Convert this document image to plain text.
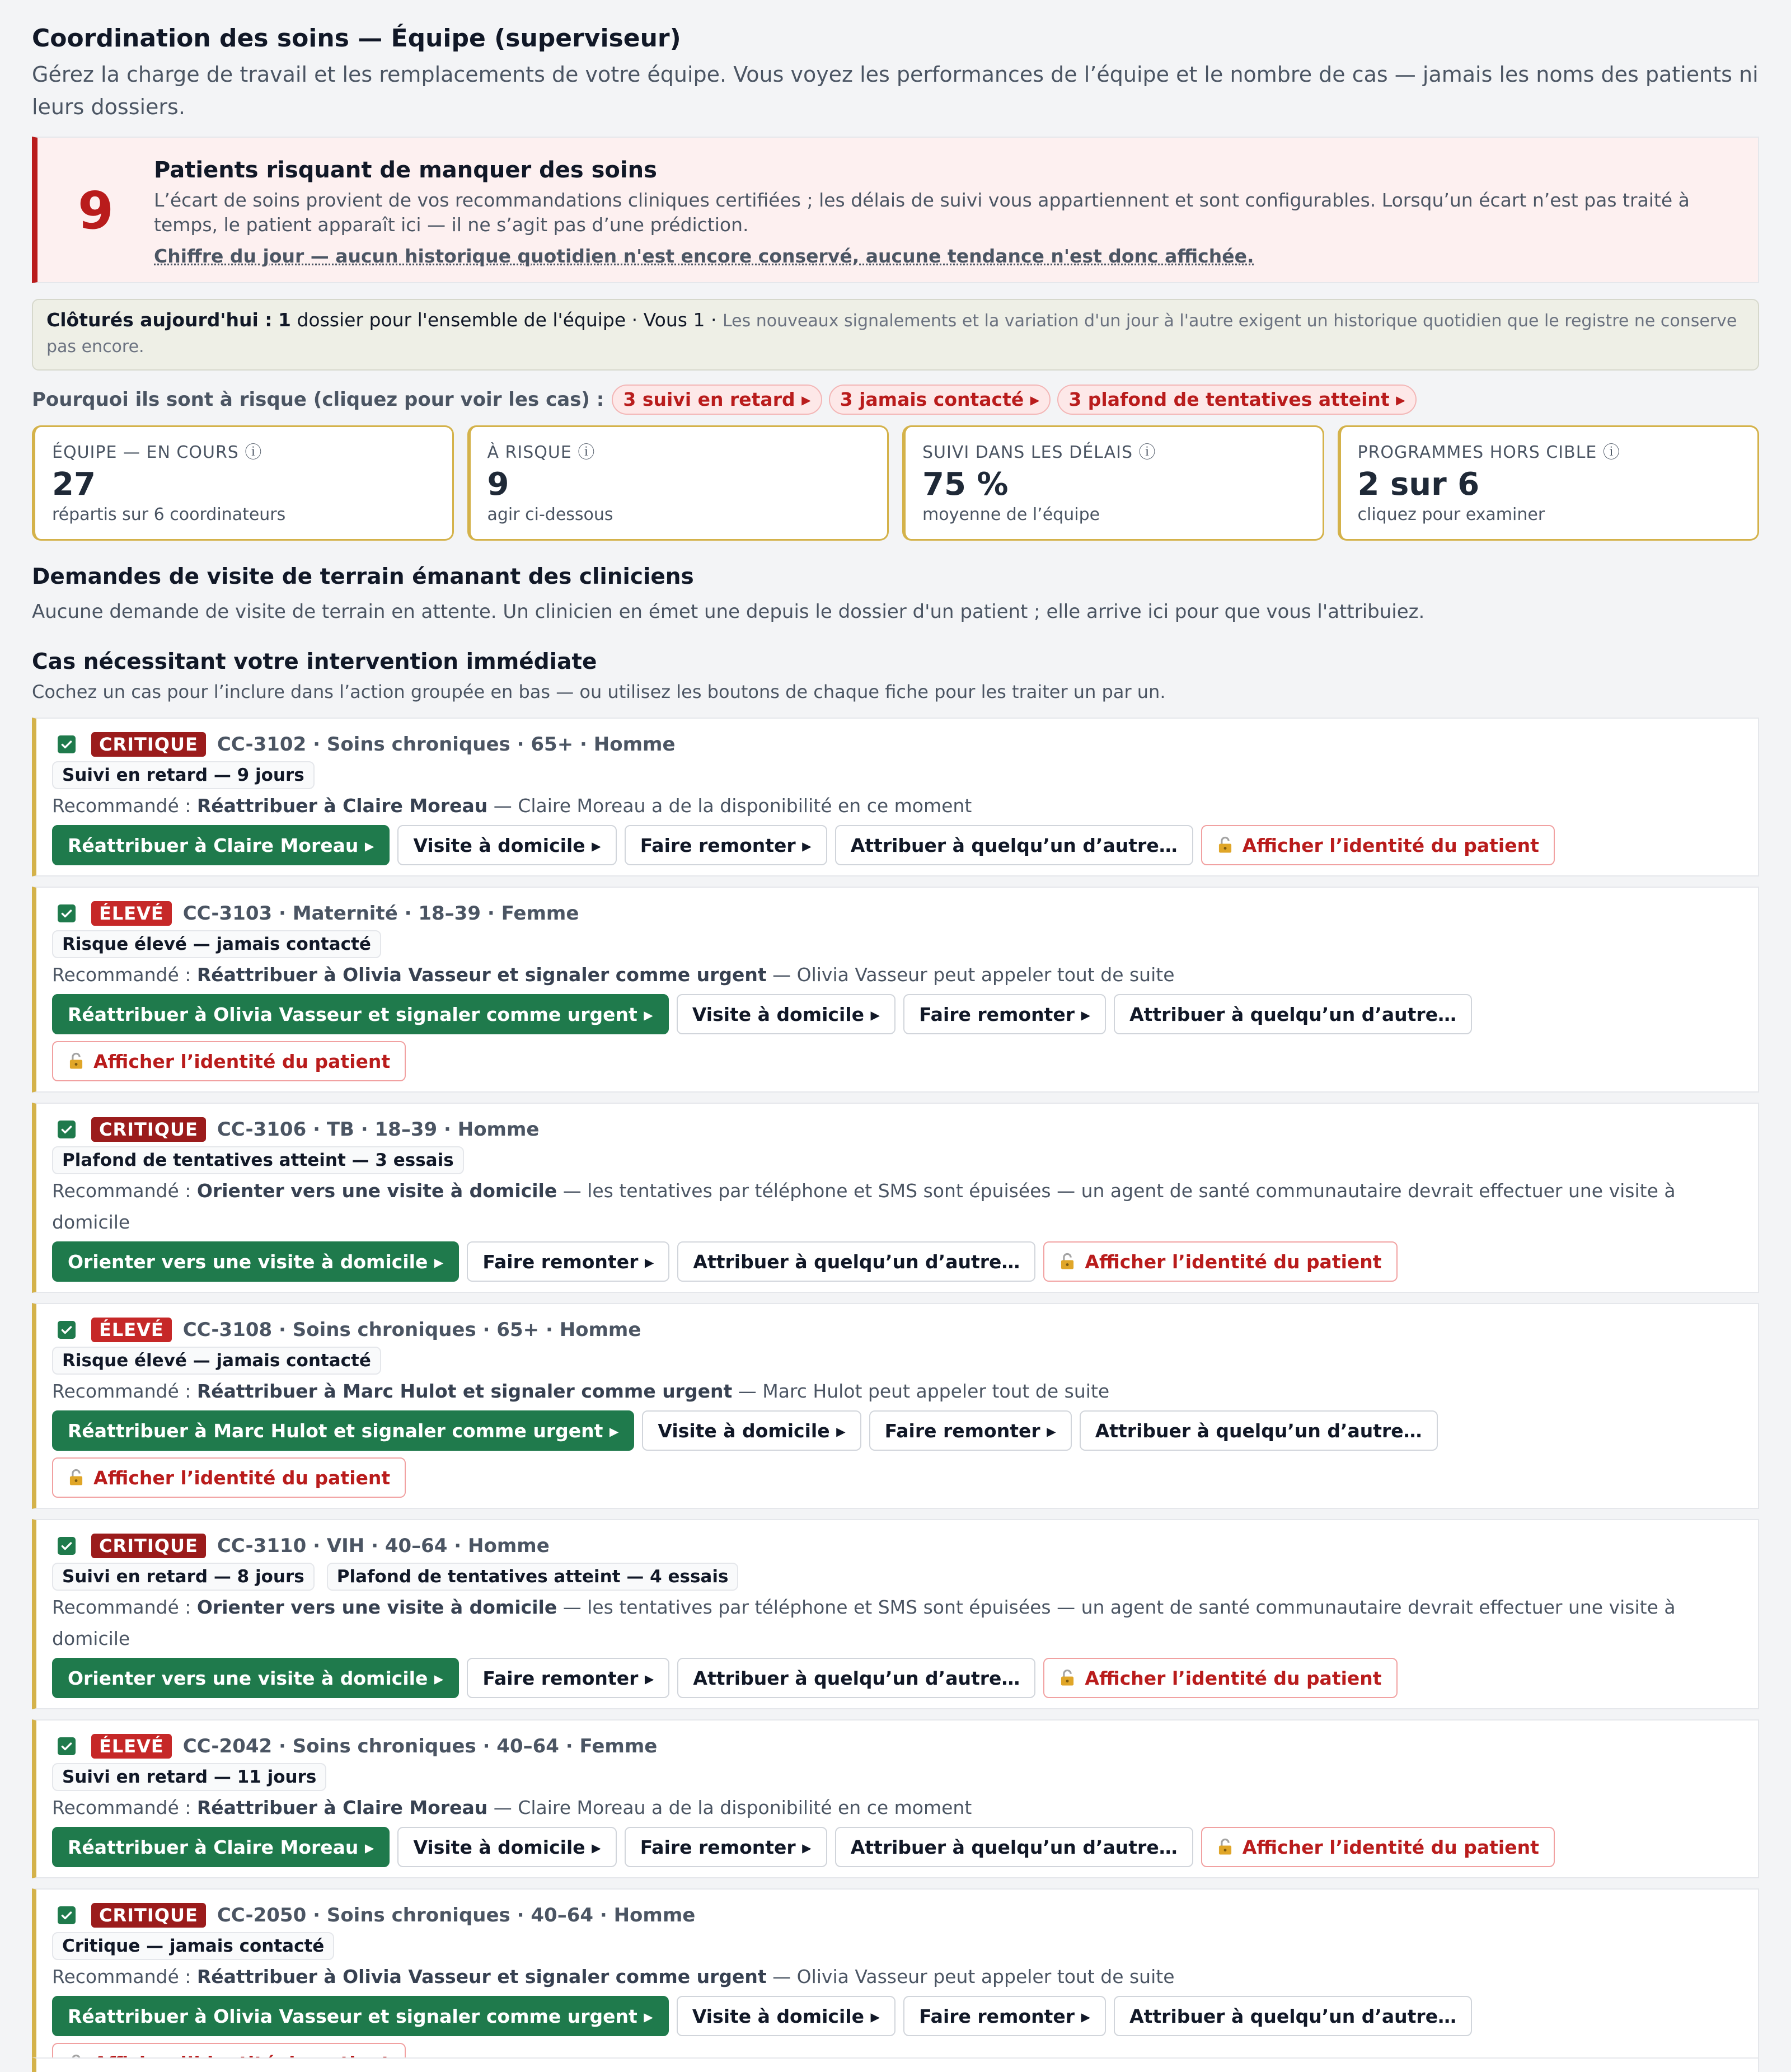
Coordination des soins — Équipe (superviseur)
Gérez la charge de travail et les remplacements de votre équipe. Vous voyez les performances de l’équipe et le nombre de cas — jamais les noms des patients ni leurs dossiers.
9
Patients risquant de manquer des soins
L’écart de soins provient de vos recommandations cliniques certifiées ; les délais de suivi vous appartiennent et sont configurables. Lorsqu’un écart n’est pas traité à temps, le patient apparaît ici — il ne s’agit pas d’une prédiction.
Chiffre du jour — aucun historique quotidien n'est encore conservé, aucune tendance n'est donc affichée.
Clôturés aujourd'hui : 1 dossier pour l'ensemble de l'équipe · Vous 1 · Les nouveaux signalements et la variation d'un jour à l'autre exigent un historique quotidien que le registre ne conserve pas encore.
Pourquoi ils sont à risque (cliquez pour voir les cas) :	3 suivi en retard ▸	3 jamais contacté ▸	3 plafond de tentatives atteint ▸
ÉQUIPE — EN COURS ⓘ
27
répartis sur 6 coordinateurs
À RISQUE ⓘ
9
agir ci-dessous
SUIVI DANS LES DÉLAIS ⓘ
75 %
moyenne de l’équipe
PROGRAMMES HORS CIBLE ⓘ
2 sur 6
cliquez pour examiner
Demandes de visite de terrain émanant des cliniciens
Aucune demande de visite de terrain en attente. Un clinicien en émet une depuis le dossier d'un patient ; elle arrive ici pour que vous l'attribuiez.
Cas nécessitant votre intervention immédiate
Cochez un cas pour l’inclure dans l’action groupée en bas — ou utilisez les boutons de chaque fiche pour les traiter un par un.
CRITIQUE	CC-3102 · Soins chroniques · 65+ · Homme
Suivi en retard — 9 jours
Recommandé : Réattribuer à Claire Moreau — Claire Moreau a de la disponibilité en ce moment
Réattribuer à Claire Moreau ▸	Visite à domicile ▸	Faire remonter ▸	Attribuer à quelqu’un d’autre…	Afficher l’identité du patient
ÉLEVÉ	CC-3103 · Maternité · 18–39 · Femme
Risque élevé — jamais contacté
Recommandé : Réattribuer à Olivia Vasseur et signaler comme urgent — Olivia Vasseur peut appeler tout de suite
Réattribuer à Olivia Vasseur et signaler comme urgent ▸	Visite à domicile ▸	Faire remonter ▸	Attribuer à quelqu’un d’autre…
Afficher l’identité du patient
CRITIQUE	CC-3106 · TB · 18–39 · Homme
Plafond de tentatives atteint — 3 essais
Recommandé : Orienter vers une visite à domicile — les tentatives par téléphone et SMS sont épuisées — un agent de santé communautaire devrait effectuer une visite à domicile
Orienter vers une visite à domicile ▸	Faire remonter ▸	Attribuer à quelqu’un d’autre…	Afficher l’identité du patient
ÉLEVÉ	CC-3108 · Soins chroniques · 65+ · Homme
Risque élevé — jamais contacté
Recommandé : Réattribuer à Marc Hulot et signaler comme urgent — Marc Hulot peut appeler tout de suite
Réattribuer à Marc Hulot et signaler comme urgent ▸	Visite à domicile ▸	Faire remonter ▸	Attribuer à quelqu’un d’autre…
Afficher l’identité du patient
CRITIQUE	CC-3110 · VIH · 40–64 · Homme
Suivi en retard — 8 jours	Plafond de tentatives atteint — 4 essais
Recommandé : Orienter vers une visite à domicile — les tentatives par téléphone et SMS sont épuisées — un agent de santé communautaire devrait effectuer une visite à domicile
Orienter vers une visite à domicile ▸	Faire remonter ▸	Attribuer à quelqu’un d’autre…	Afficher l’identité du patient
ÉLEVÉ	CC-2042 · Soins chroniques · 40–64 · Femme
Suivi en retard — 11 jours
Recommandé : Réattribuer à Claire Moreau — Claire Moreau a de la disponibilité en ce moment
Réattribuer à Claire Moreau ▸	Visite à domicile ▸	Faire remonter ▸	Attribuer à quelqu’un d’autre…	Afficher l’identité du patient
CRITIQUE	CC-2050 · Soins chroniques · 40–64 · Homme
Critique — jamais contacté
Recommandé : Réattribuer à Olivia Vasseur et signaler comme urgent — Olivia Vasseur peut appeler tout de suite
Réattribuer à Olivia Vasseur et signaler comme urgent ▸	Visite à domicile ▸	Faire remonter ▸	Attribuer à quelqu’un d’autre…
